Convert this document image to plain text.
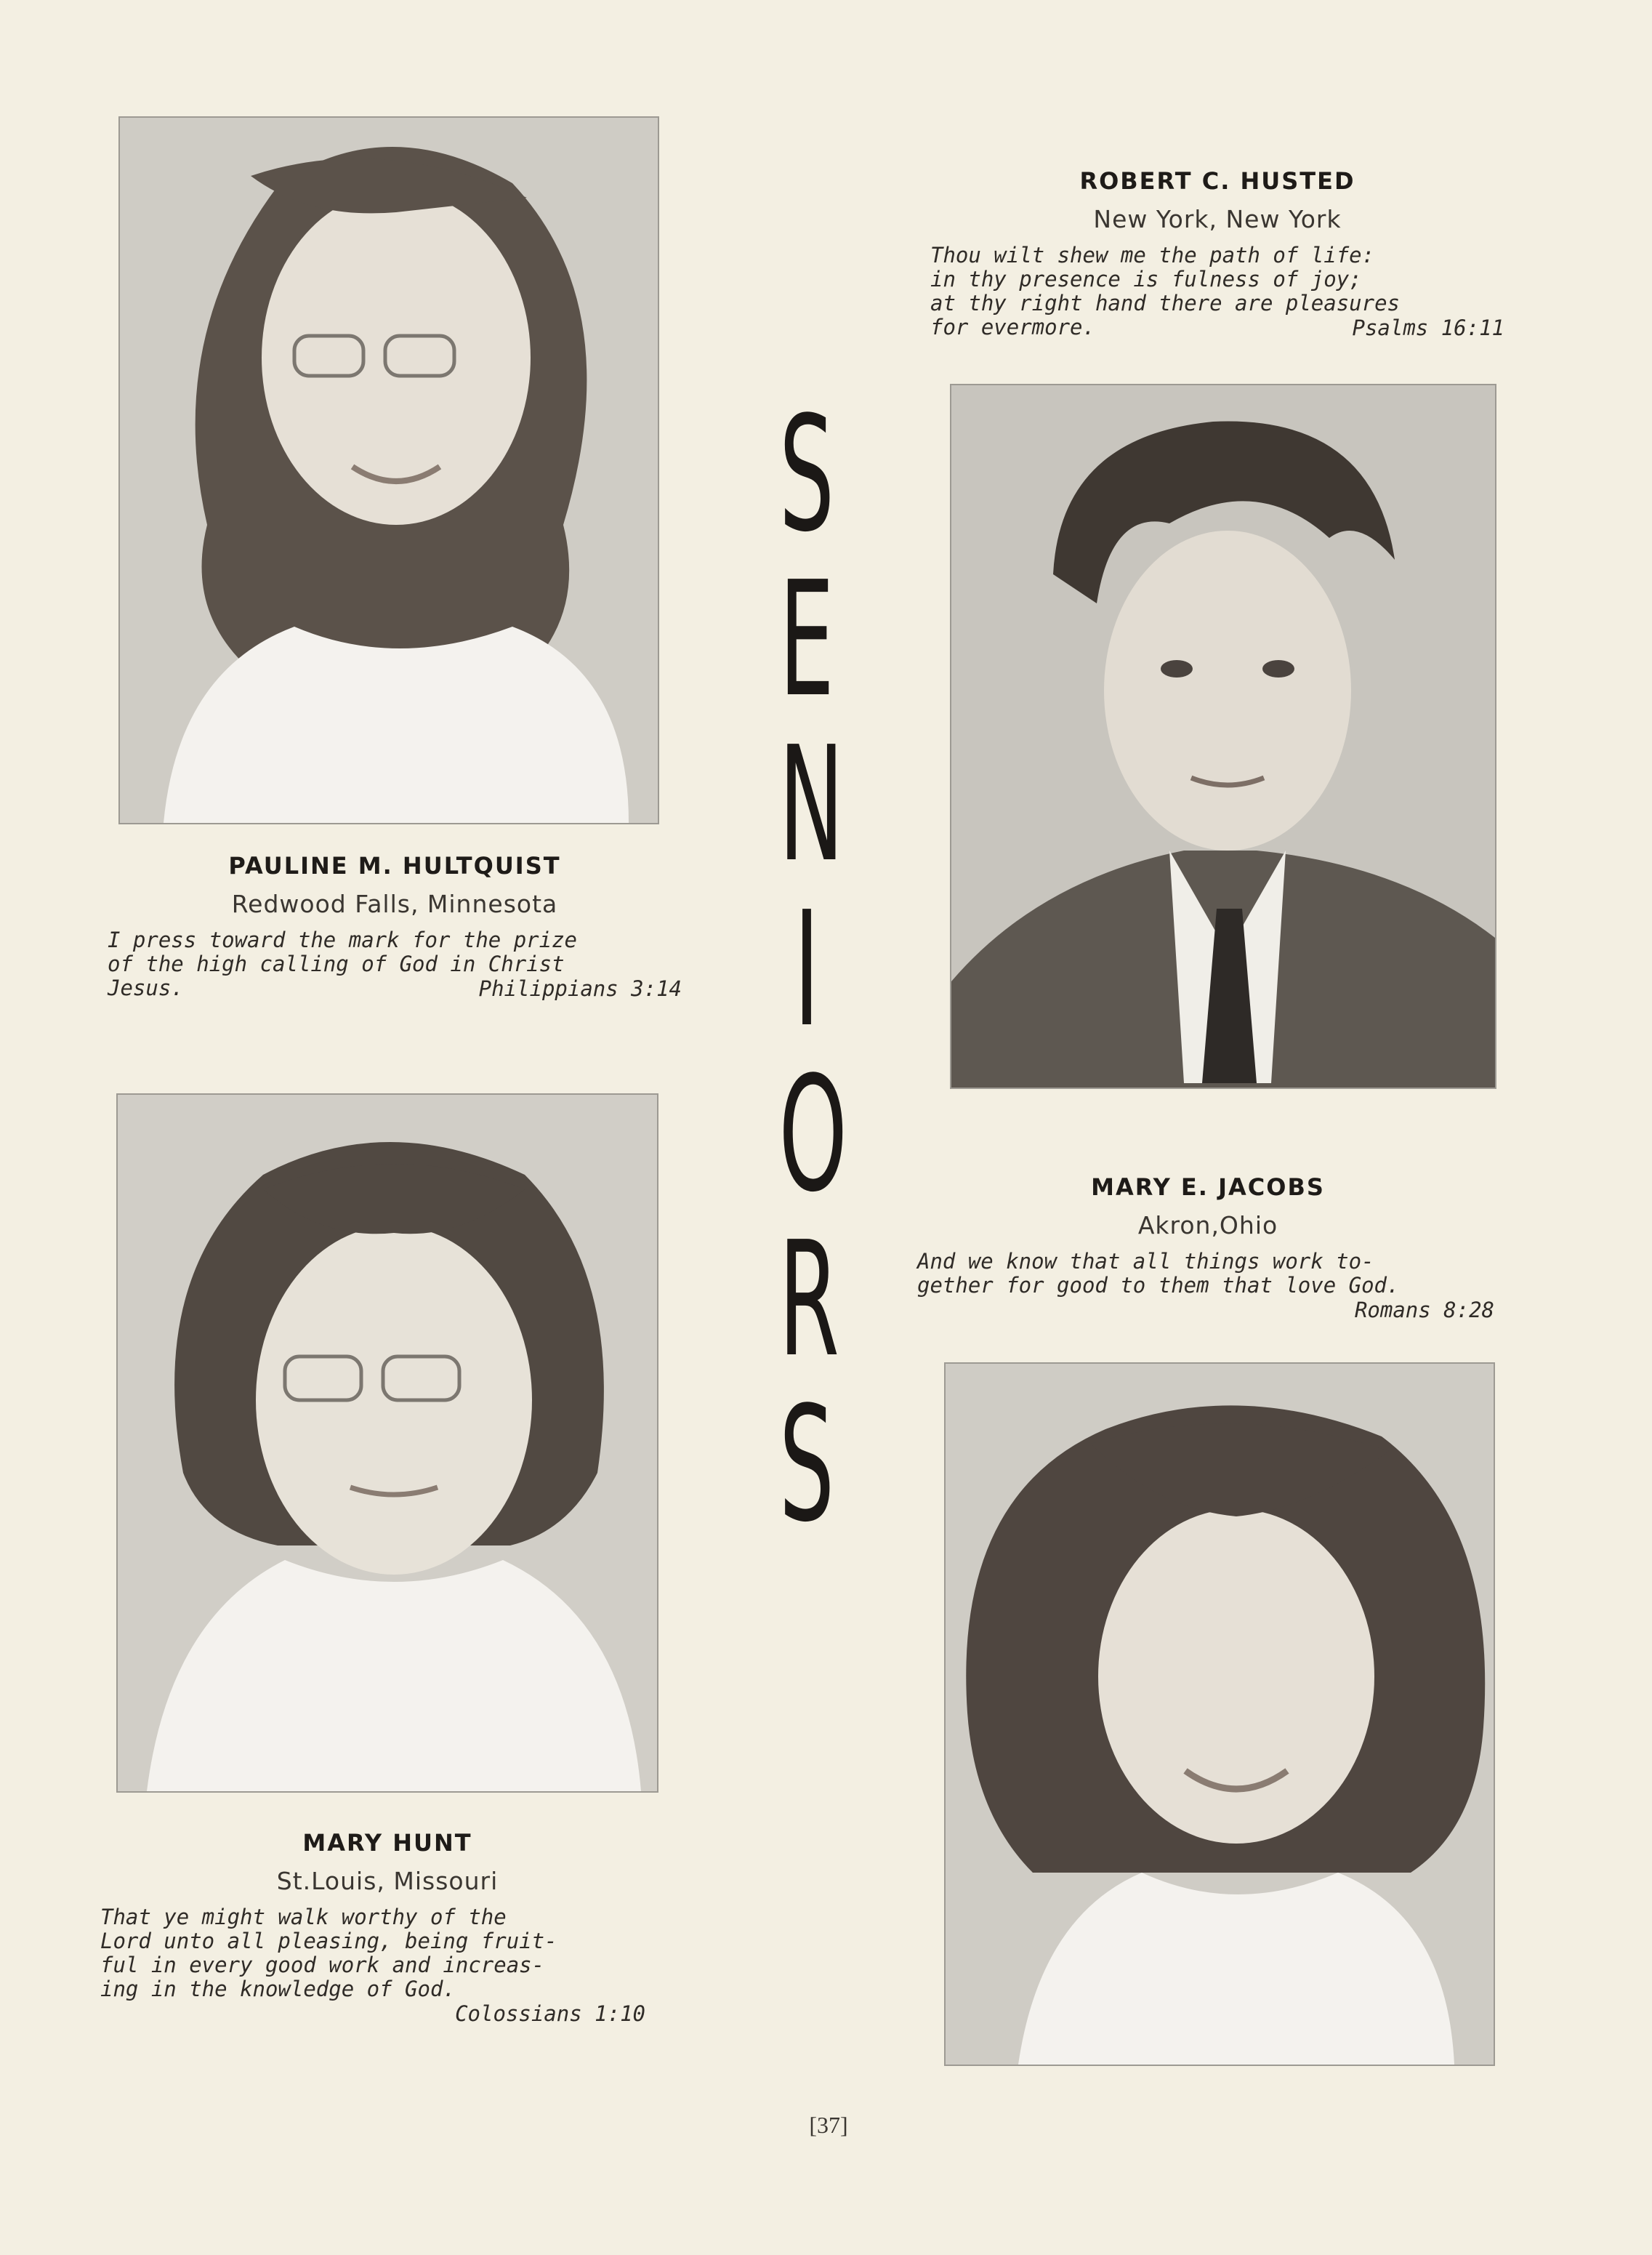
PAULINE M. HULTQUIST

Redwood Falls, Minnesota
I press toward the mark for the prize
of the high calling of God in Christ
Jesus.	Philippians 3:14

ROBERT C. HUSTED

New York, New York
Thou wilt shew me the path of life:
in thy presence is fulness of joy;
at thy right hand there are pleasures
for evermore.	Psalms 16:11

MARY HUNT

St.Louis, Missouri
That ye might walk worthy of the
Lord unto all pleasing, being fruit-
ful in every good work and increas-
ing in the knowledge of God.
Colossians 1:10

MARY E. JACOBS

Akron,Ohio
And we know that all things work to-
gether for good to them that love God.
Romans 8:28
S
E
N
I
O
R
S
[37]
